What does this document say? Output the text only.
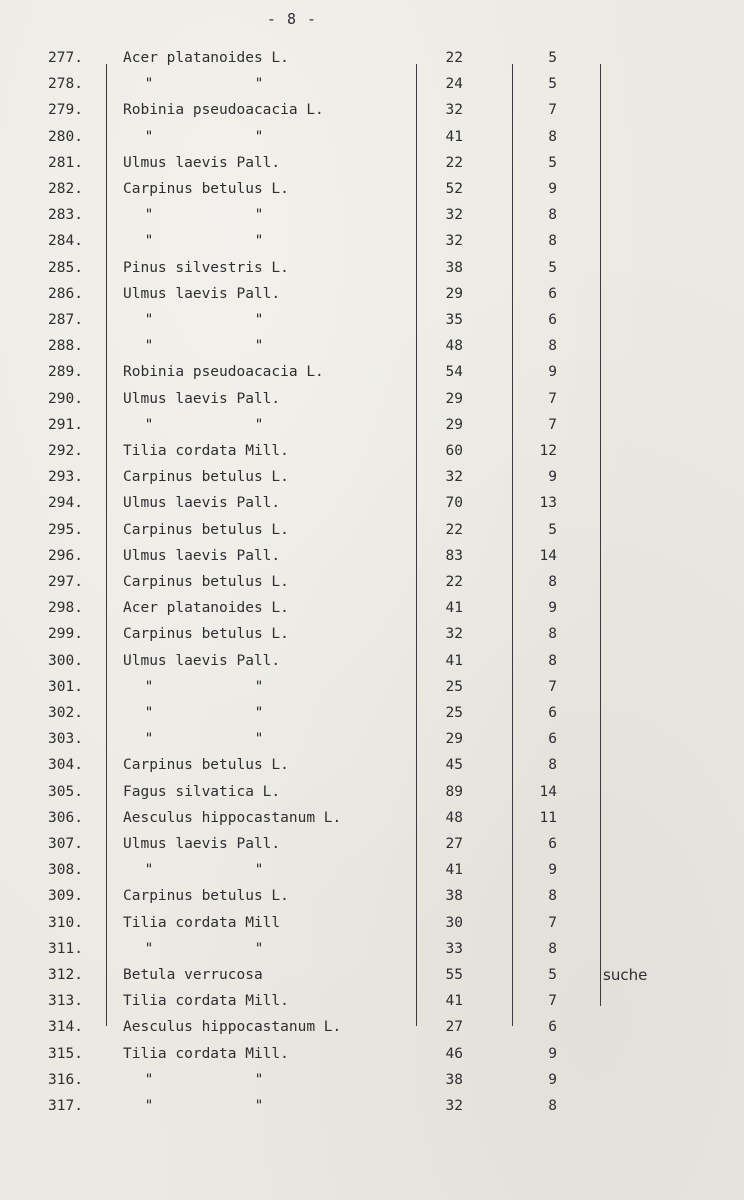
- 8 -
277.	Acer platanoides L.	22	5
278.	"	"	24	5
279.	Robinia pseudoacacia L.	32	7
280.	"	"	41	8
281.	Ulmus laevis Pall.	22	5
282.	Carpinus betulus L.	52	9
283.	"	"	32	8
284.	"	"	32	8
285.	Pinus silvestris L.	38	5
286.	Ulmus laevis Pall.	29	6
287.	"	"	35	6
288.	"	"	48	8
289.	Robinia pseudoacacia L.	54	9
290.	Ulmus laevis Pall.	29	7
291.	"	"	29	7
292.	Tilia cordata Mill.	60	12
293.	Carpinus betulus L.	32	9
294.	Ulmus laevis Pall.	70	13
295.	Carpinus betulus L.	22	5
296.	Ulmus laevis Pall.	83	14
297.	Carpinus betulus L.	22	8
298.	Acer platanoides L.	41	9
299.	Carpinus betulus L.	32	8
300.	Ulmus laevis Pall.	41	8
301.	"	"	25	7
302.	"	"	25	6
303.	"	"	29	6
304.	Carpinus betulus L.	45	8
305.	Fagus silvatica L.	89	14
306.	Aesculus hippocastanum L.	48	11
307.	Ulmus laevis Pall.	27	6
308.	"	"	41	9
309.	Carpinus betulus L.	38	8
310.	Tilia cordata Mill	30	7
311.	"	"	33	8
312.	Betula verrucosa	55	5	suche
313.	Tilia cordata Mill.	41	7
314.	Aesculus hippocastanum L.	27	6
315.	Tilia cordata Mill.	46	9
316.	"	"	38	9
317.	"	"	32	8
